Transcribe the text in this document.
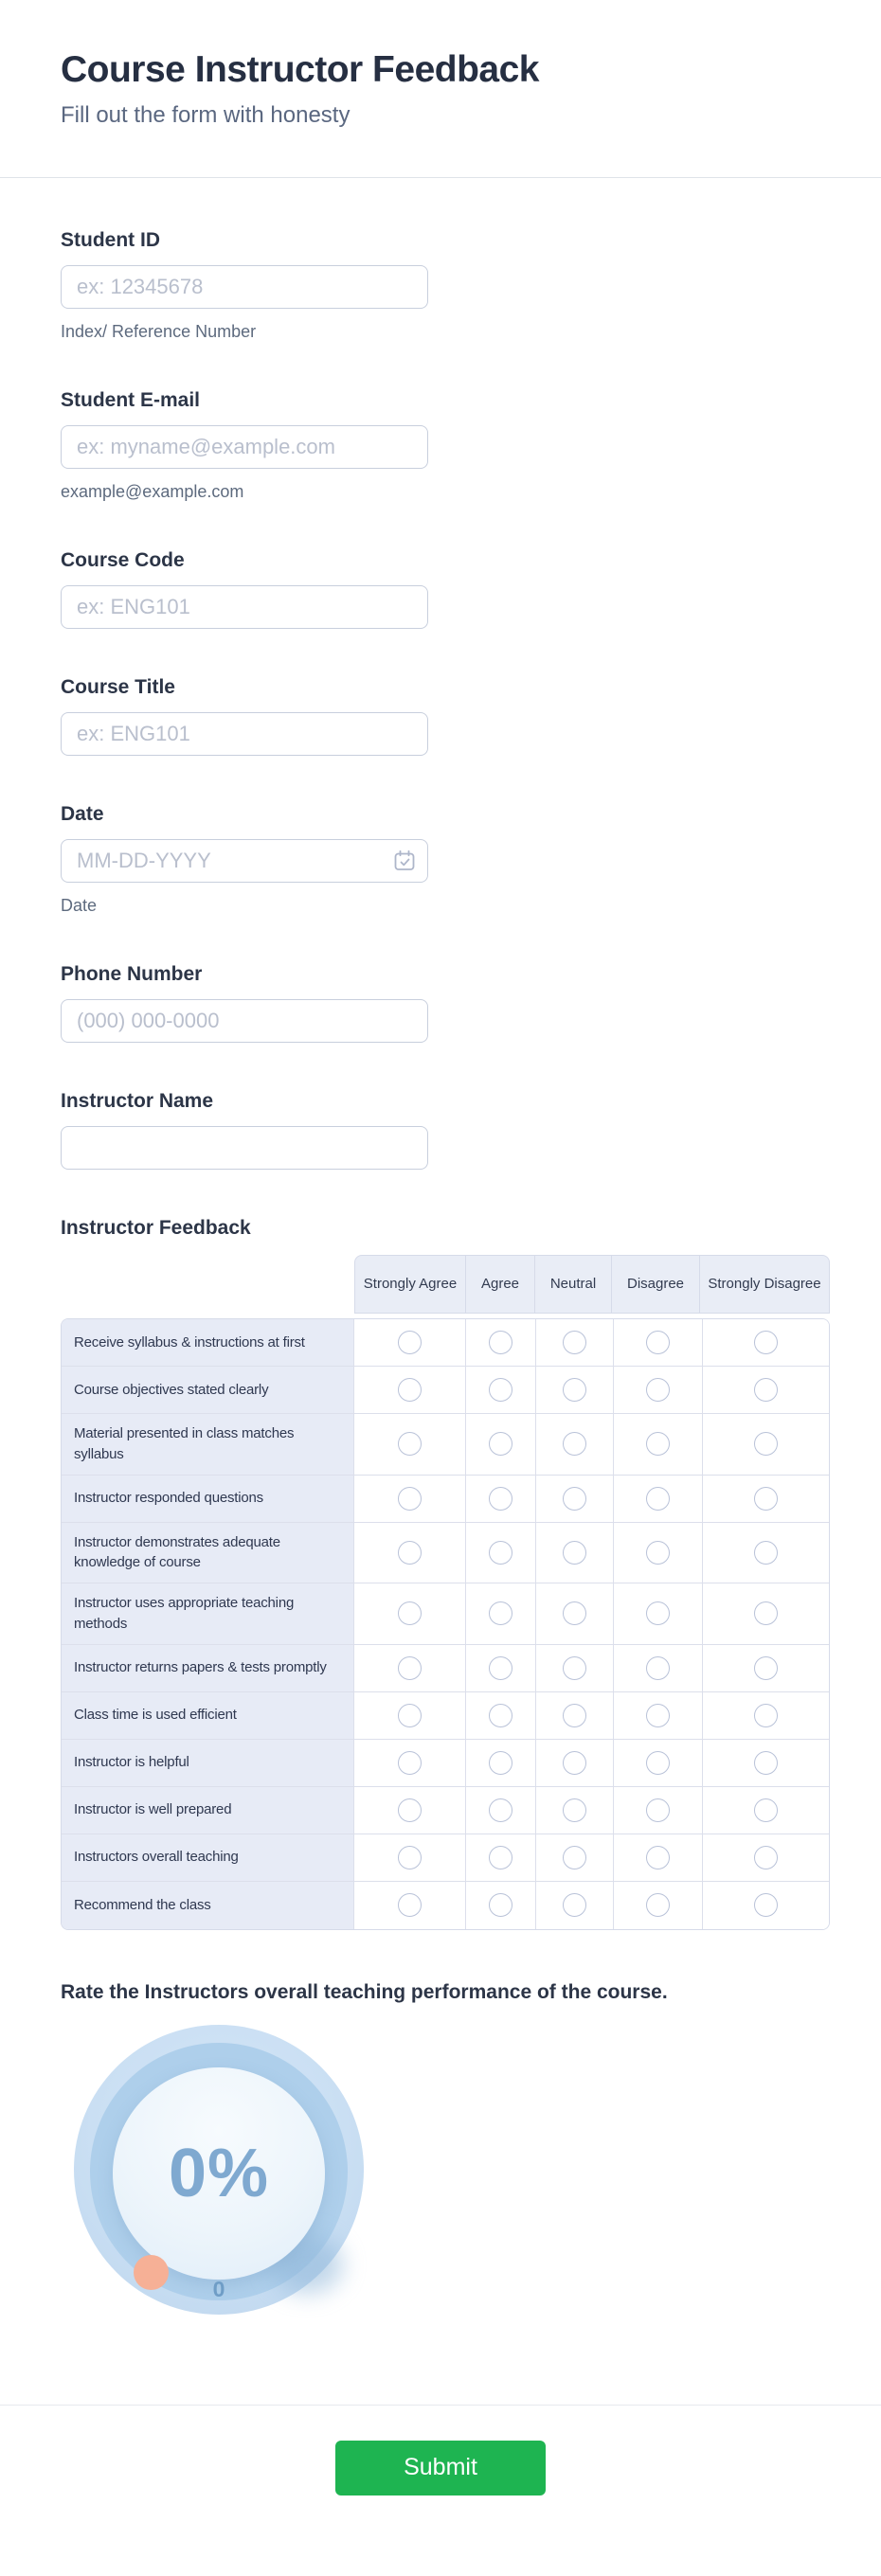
Course Instructor Feedback
Fill out the form with honesty
Student ID
ex: 12345678
Index/ Reference Number
Student E-mail
ex: myname@example.com
example@example.com
Course Code
ex: ENG101
Course Title
ex: ENG101
Date
MM-DD-YYYY
Date
Phone Number
(000) 000-0000
Instructor Name
Instructor Feedback
Strongly Agree	Agree	Neutral	Disagree	Strongly Disagree
Receive syllabus & instructions at first
Course objectives stated clearly
Material presented in class matches syllabus
Instructor responded questions
Instructor demonstrates adequate knowledge of course
Instructor uses appropriate teaching methods
Instructor returns papers & tests promptly
Class time is used efficient
Instructor is helpful
Instructor is well prepared
Instructors overall teaching
Recommend the class
Rate the Instructors overall teaching performance of the course.
0%
0
Submit
